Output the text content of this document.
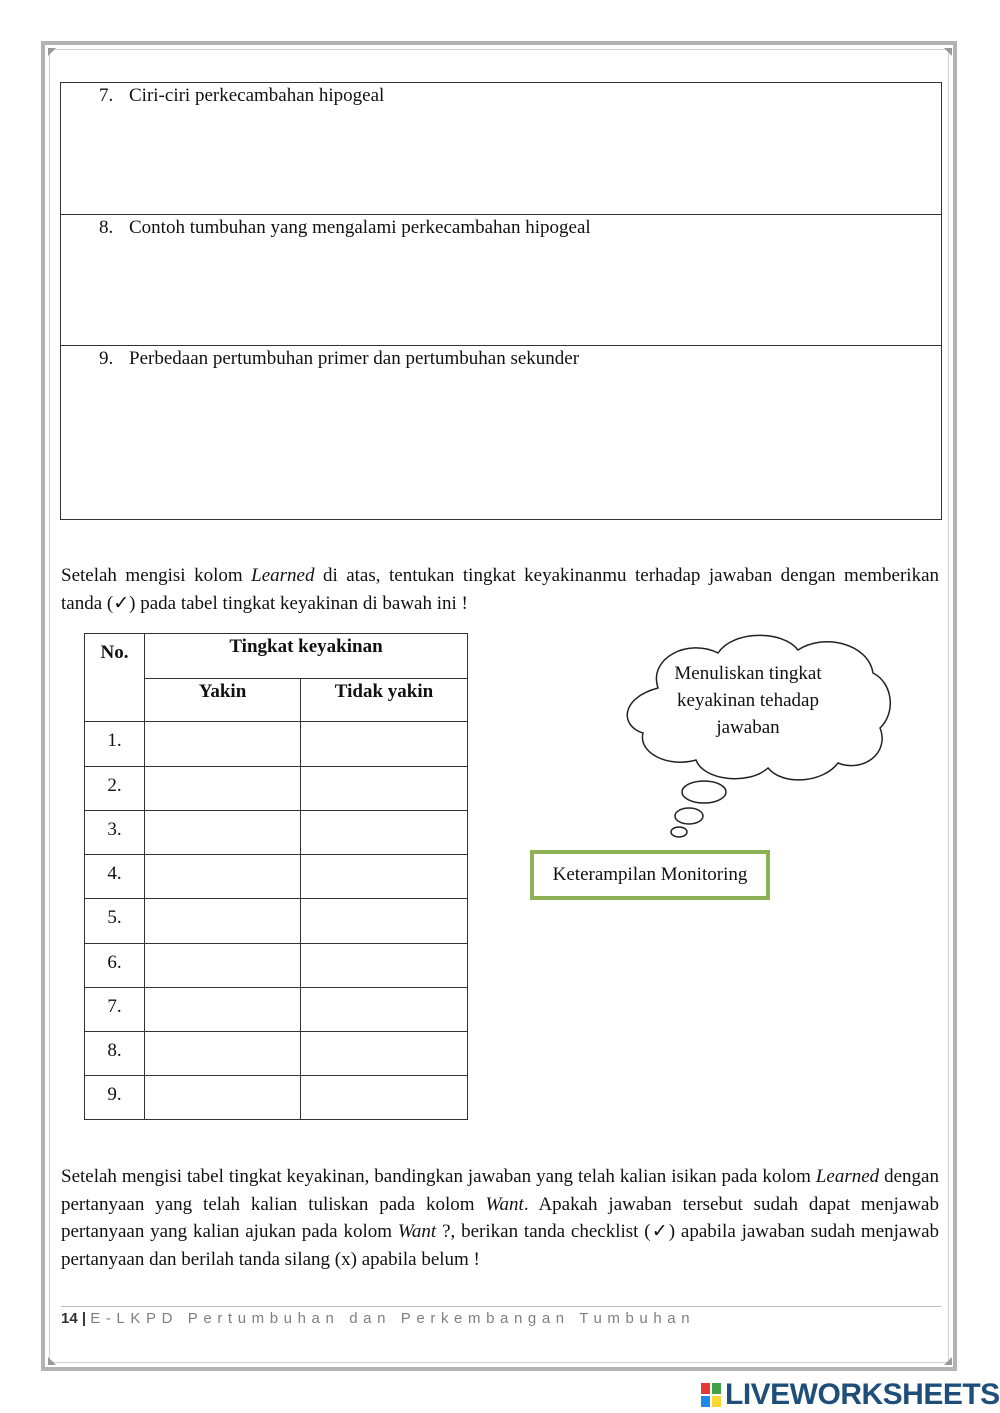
7. Ciri-ciri perkecambahan hipogeal
8. Contoh tumbuhan yang mengalami perkecambahan hipogeal
9. Perbedaan pertumbuhan primer dan pertumbuhan sekunder
Setelah mengisi kolom Learned di atas, tentukan tingkat keyakinanmu terhadap jawaban dengan memberikan tanda (✓) pada tabel tingkat keyakinan di bawah ini !
No.	Tingkat keyakinan	
	Yakin	Tidak yakin
1.		
2.		
3.		
4.		
5.		
6.		
7.		
8.		
9.		
Menuliskan tingkat
keyakinan tehadap
jawaban
Keterampilan Monitoring
Setelah mengisi tabel tingkat keyakinan, bandingkan jawaban yang telah kalian isikan pada kolom Learned dengan pertanyaan yang telah kalian tuliskan pada kolom Want. Apakah jawaban tersebut sudah dapat menjawab pertanyaan yang kalian ajukan pada kolom Want ?, berikan tanda checklist (✓) apabila jawaban sudah menjawab pertanyaan dan berilah tanda silang (x) apabila belum !
14 | E-LKPD Pertumbuhan dan Perkembangan Tumbuhan
LIVEWORKSHEETS
